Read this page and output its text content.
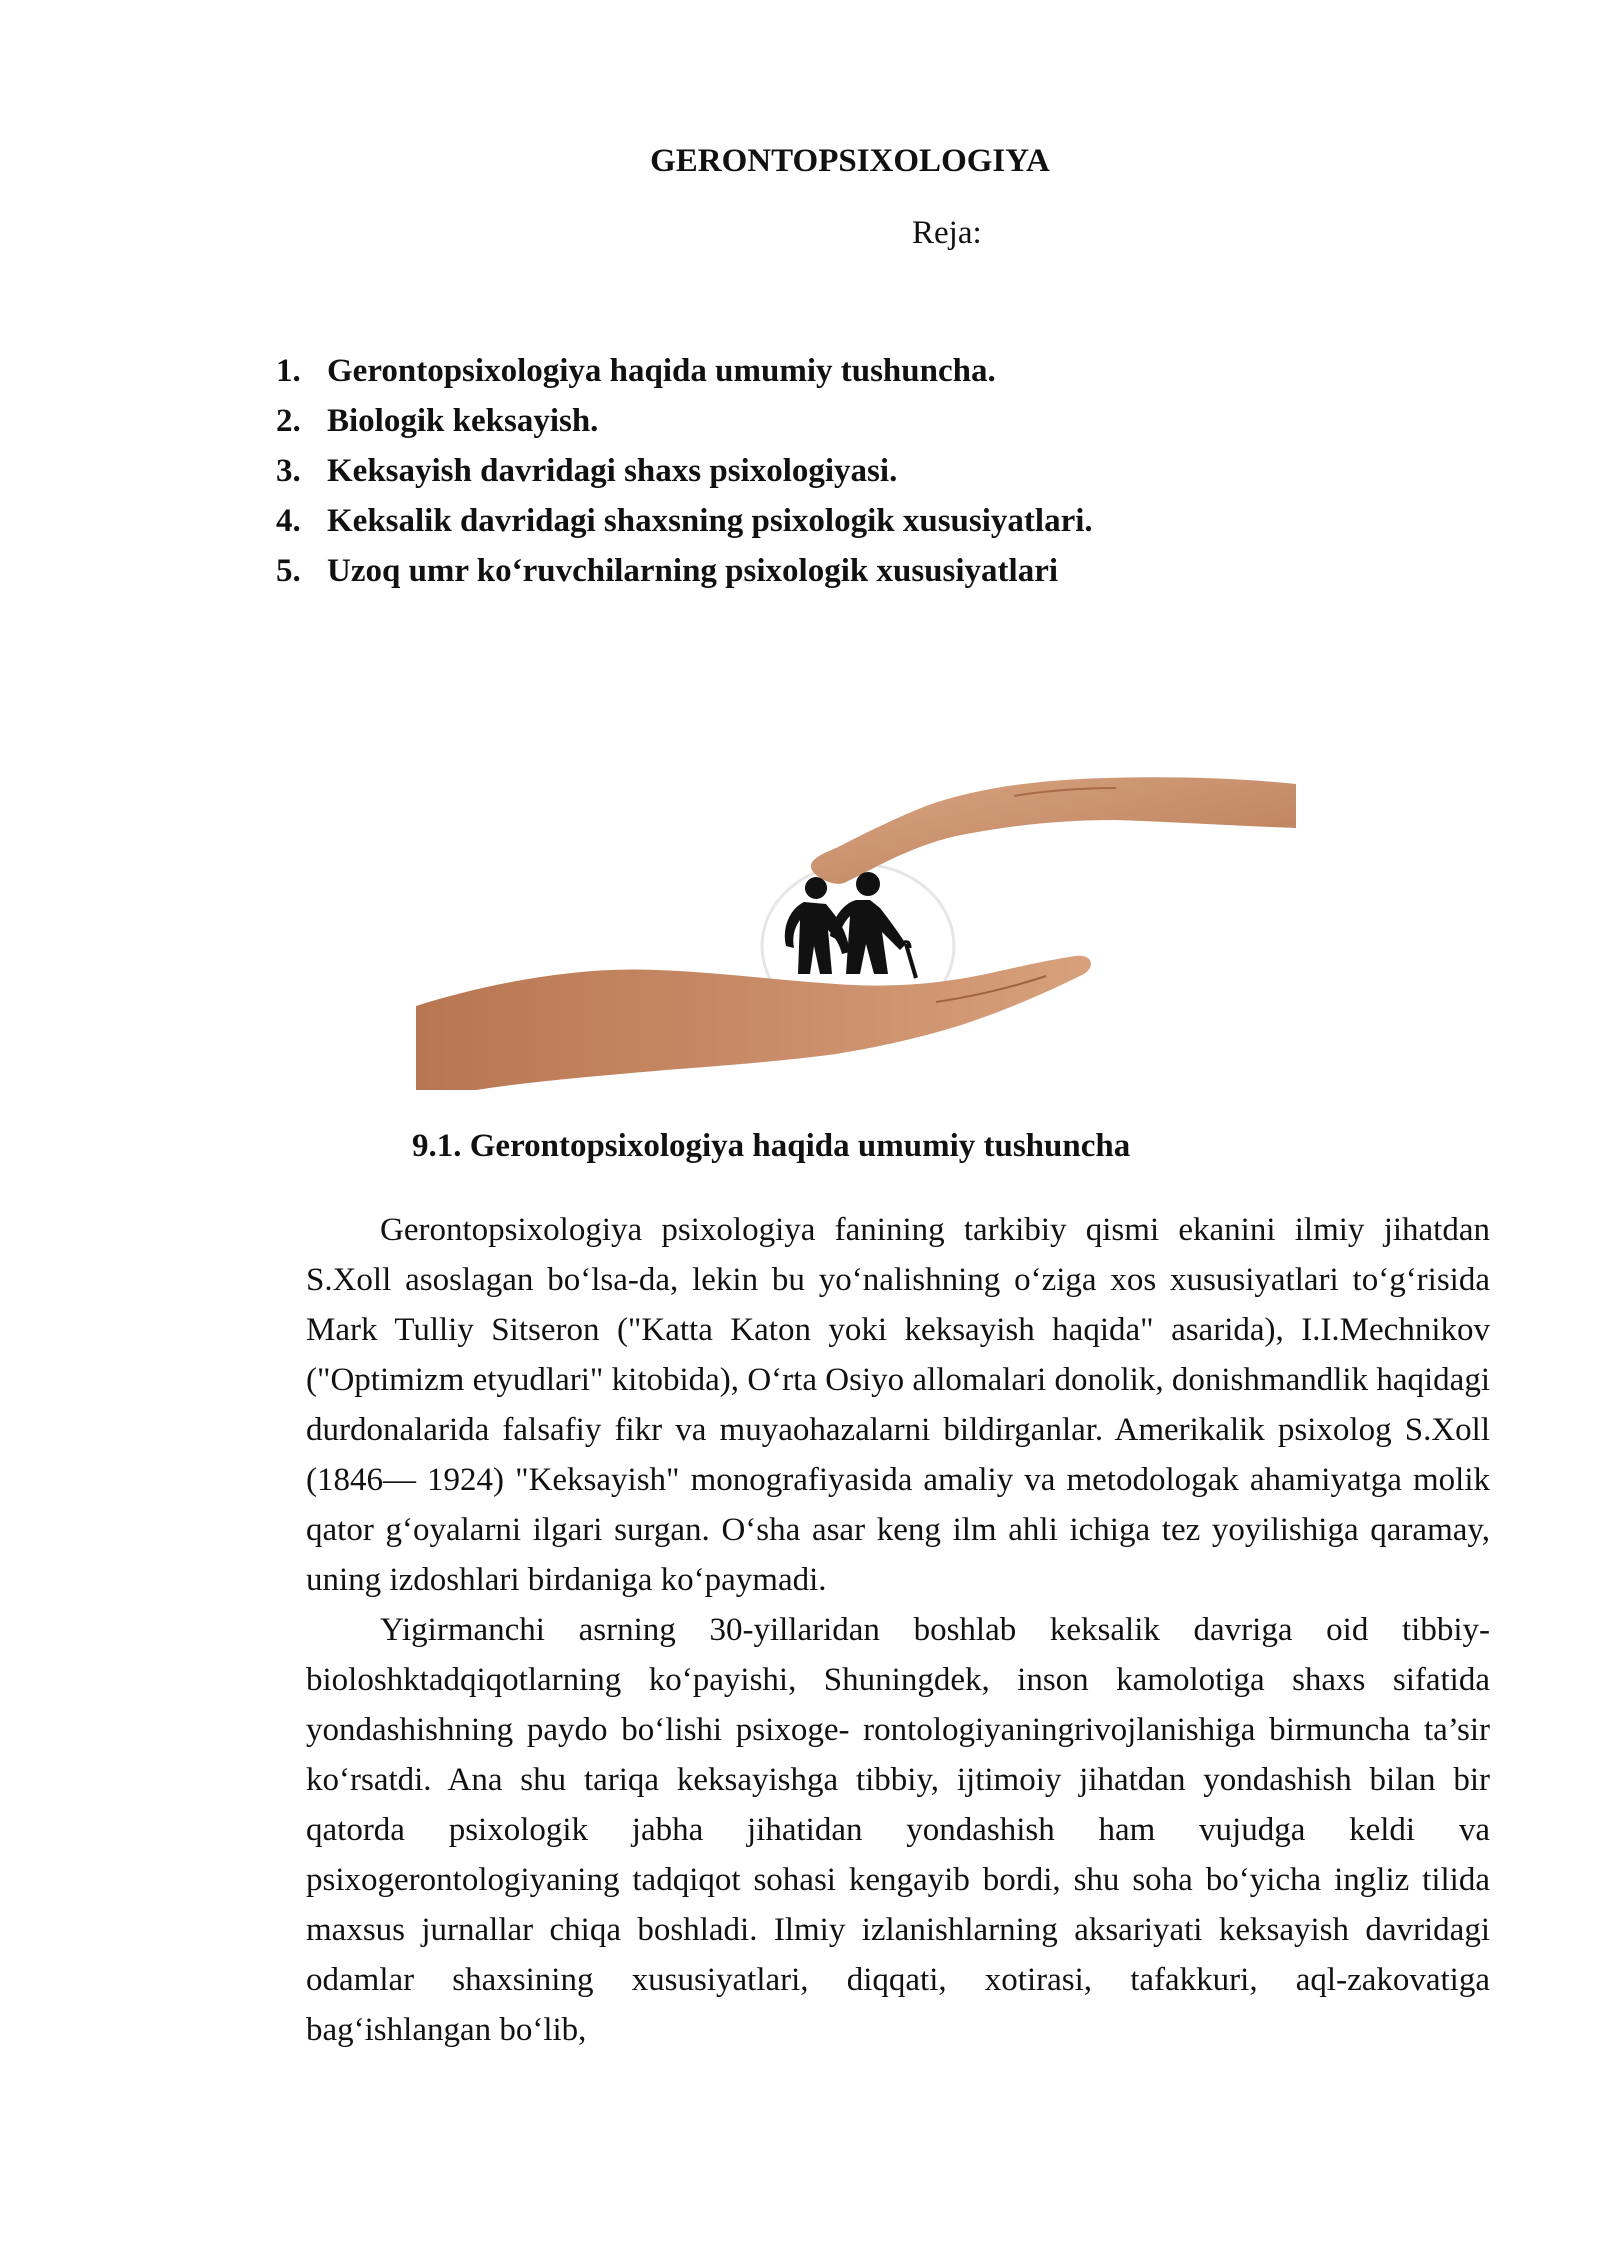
GERONTOPSIXOLOGIYA
Reja:
1. Gerontopsixologiya haqida umumiy tushuncha.
2. Biologik keksayish.
3. Keksayish davridagi shaxs psixologiyasi.
4. Keksalik davridagi shaxsning psixologik xususiyatlari.
5. Uzoq umr ko‘ruvchilarning psixologik xususiyatlari
9.1. Gerontopsixologiya haqida umumiy tushuncha

Gerontopsixologiya psixologiya fanining tarkibiy qismi ekanini ilmiy jihatdan S.Xoll asoslagan bo‘lsa-da, lekin bu yo‘nalishning o‘ziga xos xususiyatlari to‘g‘risida Mark Tulliy Sitseron ("Katta Katon yoki keksayish haqida" asarida), I.I.Mechnikov ("Optimizm etyudlari" kitobida), O‘rta Osiyo allomalari donolik, donishmandlik haqidagi durdonalarida falsafiy fikr va muyaohazalarni bildirganlar. Amerikalik psixolog S.Xoll (1846— 1924) "Keksayish" monografiyasida amaliy va metodologak ahamiyatga molik qator g‘oyalarni ilgari surgan. O‘sha asar keng ilm ahli ichiga tez yoyilishiga qaramay, uning izdoshlari birdaniga ko‘paymadi.

Yigirmanchi asrning 30-yillaridan boshlab keksalik davriga oid tibbiy-bioloshktadqiqotlarning ko‘payishi, Shuningdek, inson kamolotiga shaxs sifatida yondashishning paydo bo‘lishi psixoge- rontologiyaningrivojlanishiga birmuncha ta’sir ko‘rsatdi. Ana shu tariqa keksayishga tibbiy, ijtimoiy jihatdan yondashish bilan bir qatorda psixologik jabha jihatidan yondashish ham vujudga keldi va psixogerontologiyaning tadqiqot sohasi kengayib bordi, shu soha bo‘yicha ingliz tilida maxsus jurnallar chiqa boshladi. Ilmiy izlanishlarning aksariyati keksayish davridagi odamlar shaxsining xususiyatlari, diqqati, xotirasi, tafakkuri, aql-zakovatiga bag‘ishlangan bo‘lib,
